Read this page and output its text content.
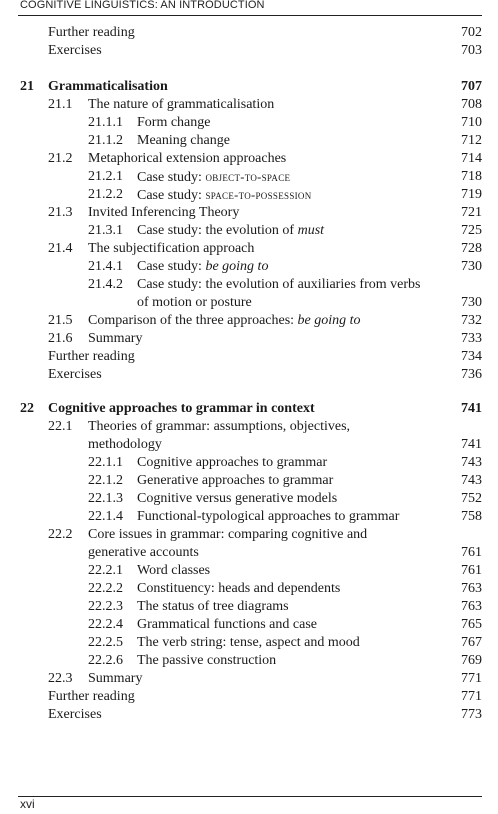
COGNITIVE LINGUISTICS: AN INTRODUCTION
Further reading	702
Exercises	703
21 Grammaticalisation	707
21.1 The nature of grammaticalisation	708
21.1.1 Form change	710
21.1.2 Meaning change	712
21.2 Metaphorical extension approaches	714
21.2.1 Case study: object-to-space	718
21.2.2 Case study: space-to-possession	719
21.3 Invited Inferencing Theory	721
21.3.1 Case study: the evolution of must	725
21.4 The subjectification approach	728
21.4.1 Case study: be going to	730
21.4.2 Case study: the evolution of auxiliaries from verbs
of motion or posture	730
21.5 Comparison of the three approaches: be going to	732
21.6 Summary	733
Further reading	734
Exercises	736
22 Cognitive approaches to grammar in context	741
22.1 Theories of grammar: assumptions, objectives,
methodology	741
22.1.1 Cognitive approaches to grammar	743
22.1.2 Generative approaches to grammar	743
22.1.3 Cognitive versus generative models	752
22.1.4 Functional-typological approaches to grammar	758
22.2 Core issues in grammar: comparing cognitive and
generative accounts	761
22.2.1 Word classes	761
22.2.2 Constituency: heads and dependents	763
22.2.3 The status of tree diagrams	763
22.2.4 Grammatical functions and case	765
22.2.5 The verb string: tense, aspect and mood	767
22.2.6 The passive construction	769
22.3 Summary	771
Further reading	771
Exercises	773
xvi
